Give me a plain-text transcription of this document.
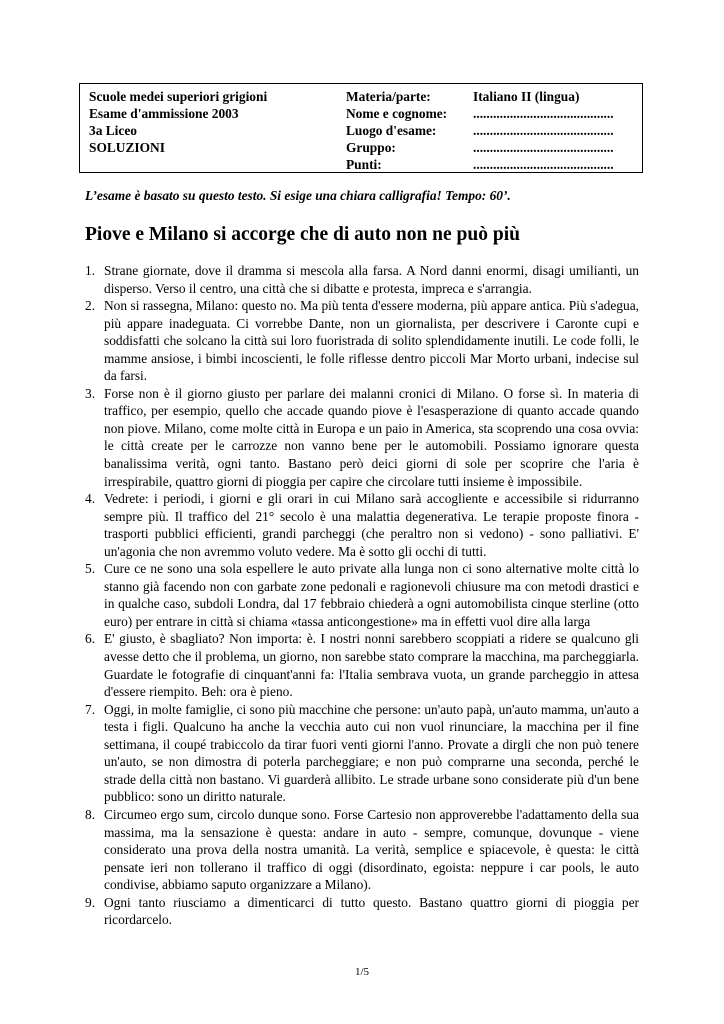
Scuole medei superiori grigioni
Esame d'ammissione 2003
3a Liceo
SOLUZIONI
Materia/parte:
Nome e cognome:
Luogo d'esame:
Gruppo:
Punti:
Italiano II (lingua)
..........................................
..........................................
..........................................
..........................................
L’esame è basato su questo testo. Si esige una chiara calligrafia! Tempo: 60’.
Piove e Milano si accorge che di auto non ne può più
1. Strane giornate, dove il dramma si mescola alla farsa. A Nord danni enormi, disagi umilianti, un disperso. Verso il centro, una città che si dibatte e protesta, impreca e s'arrangia.
2. Non si rassegna, Milano: questo no. Ma più tenta d'essere moderna, più appare antica. Più s'adegua, più appare inadeguata. Ci vorrebbe Dante, non un giornalista, per descrivere i Caronte cupi e soddisfatti che solcano la città sui loro fuoristrada di solito splendidamente inutili. Le code folli, le mamme ansiose, i bimbi incoscienti, le folle riflesse dentro piccoli Mar Morto urbani, indecise sul da farsi.
3. Forse non è il giorno giusto per parlare dei malanni cronici di Milano. O forse sì. In materia di traffico, per esempio, quello che accade quando piove è l'esasperazione di quanto accade quando non piove. Milano, come molte città in Europa e un paio in America, sta scoprendo una cosa ovvia: le città create per le carrozze non vanno bene per le automobili. Possiamo ignorare questa banalissima verità, ogni tanto. Bastano però deici giorni di sole per scoprire che l'aria è irrespirabile, quattro giorni di pioggia per capire che circolare tutti insieme è impossibile.
4. Vedrete: i periodi, i giorni e gli orari in cui Milano sarà accogliente e accessibile si ridurranno sempre più. Il traffico del 21° secolo è una malattia degenerativa. Le terapie proposte finora - trasporti pubblici efficienti, grandi parcheggi (che peraltro non si vedono) - sono palliativi. E' un'agonia che non avremmo voluto vedere. Ma è sotto gli occhi di tutti.
5. Cure ce ne sono una sola espellere le auto private alla lunga non ci sono alternative molte città lo stanno già facendo non con garbate zone pedonali e ragionevoli chiusure ma con metodi drastici e in qualche caso, subdoli Londra, dal 17 febbraio chiederà a ogni automobilista cinque sterline (otto euro) per entrare in città si chiama «tassa anticongestione» ma in effetti vuol dire alla larga
6. E' giusto, è sbagliato? Non importa: è. I nostri nonni sarebbero scoppiati a ridere se qualcuno gli avesse detto che il problema, un giorno, non sarebbe stato comprare la macchina, ma parcheggiarla. Guardate le fotografie di cinquant'anni fa: l'Italia sembrava vuota, un grande parcheggio in attesa d'essere riempito. Beh: ora è pieno.
7. Oggi, in molte famiglie, ci sono più macchine che persone: un'auto papà, un'auto mamma, un'auto a testa i figli. Qualcuno ha anche la vecchia auto cui non vuol rinunciare, la macchina per il fine settimana, il coupé trabiccolo da tirar fuori venti giorni l'anno. Provate a dirgli che non può tenere un'auto, se non dimostra di poterla parcheggiare; e non può comprarne una seconda, perché le strade della città non bastano. Vi guarderà allibito. Le strade urbane sono considerate più d'un bene pubblico: sono un diritto naturale.
8. Circumeo ergo sum, circolo dunque sono. Forse Cartesio non approverebbe l'adattamento della sua massima, ma la sensazione è questa: andare in auto - sempre, comunque, dovunque - viene considerato una prova della nostra umanità. La verità, semplice e spiacevole, è questa: le città pensate ieri non tollerano il traffico di oggi (disordinato, egoista: neppure i car pools, le auto condivise, abbiamo saputo organizzare a Milano).
9. Ogni tanto riusciamo a dimenticarci di tutto questo. Bastano quattro giorni di pioggia per ricordarcelo.
1/5
